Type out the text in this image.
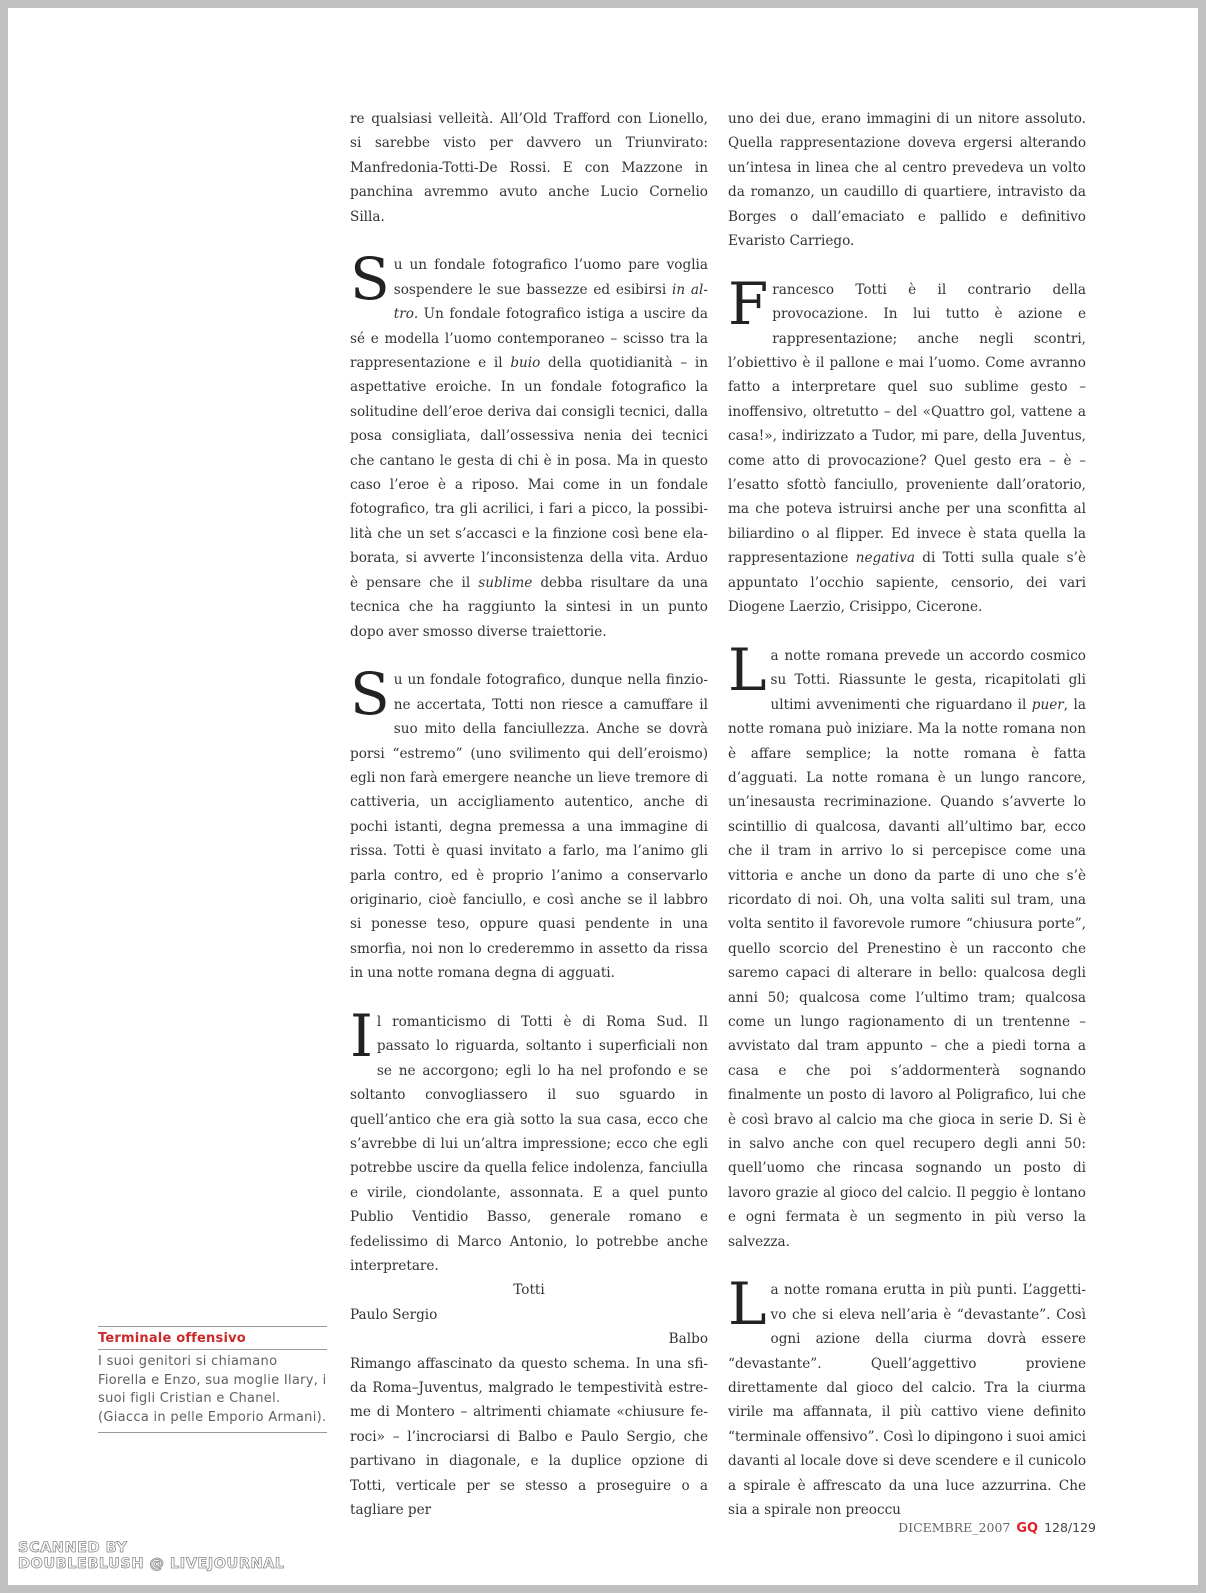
re qualsiasi velleità. All’Old Trafford con Lionello, si sarebbe visto per davvero un Triunvirato: Manfredonia-Totti-De Rossi. E con Mazzone in panchina avremmo avuto anche Lucio Cornelio Silla.

Su un fondale fotografico l’uomo pare voglia sospendere le sue bassezze ed esibirsi in altro. Un fondale fotografico istiga a uscire da sé e modella l’uomo contemporaneo – scisso tra la rappresentazione e il buio della quotidianità – in aspettative eroiche. In un fondale fotografico la solitudine dell’eroe deriva dai consigli tecnici, dalla posa consigliata, dall’ossessiva nenia dei tecnici che cantano le gesta di chi è in posa. Ma in questo caso l’eroe è a riposo. Mai come in un fondale fotografico, tra gli acrilici, i fari a picco, la possibilità che un set s’accasci e la finzione così bene elaborata, si avverte l’inconsistenza della vita. Arduo è pensare che il sublime debba risultare da una tecnica che ha raggiunto la sintesi in un punto dopo aver smosso diverse traiettorie.

Su un fondale fotografico, dunque nella finzione accertata, Totti non riesce a camuffare il suo mito della fanciullezza. Anche se dovrà porsi “estremo” (uno svilimento qui dell’eroismo) egli non farà emergere neanche un lieve tremore di cattiveria, un accigliamento autentico, anche di pochi istanti, degna premessa a una immagine di rissa. Totti è quasi invitato a farlo, ma l’animo gli parla contro, ed è proprio l’animo a conservarlo originario, cioè fanciullo, e così anche se il labbro si ponesse teso, oppure quasi pendente in una smorfia, noi non lo crederemmo in assetto da rissa in una notte romana degna di agguati.

Il romanticismo di Totti è di Roma Sud. Il passato lo riguarda, soltanto i superficiali non se ne accorgono; egli lo ha nel profondo e se soltanto convogliassero il suo sguardo in quell’antico che era già sotto la sua casa, ecco che s’avrebbe di lui un’altra impressione; ecco che egli potrebbe uscire da quella felice indolenza, fanciulla e virile, ciondolante, assonnata. E a quel punto Publio Ventidio Basso, generale romano e fedelissimo di Marco Antonio, lo potrebbe anche interpretare.

Totti
Paulo Sergio
Balbo

Rimango affascinato da questo schema. In una sfida Roma–Juventus, malgrado le tempestività estreme di Montero – altrimenti chiamate «chiusure feroci» – l’incrociarsi di Balbo e Paulo Sergio, che partivano in diagonale, e la duplice opzione di Totti, verticale per se stesso a proseguire o a tagliare per

uno dei due, erano immagini di un nitore assoluto. Quella rappresentazione doveva ergersi alterando un’intesa in linea che al centro prevedeva un volto da romanzo, un caudillo di quartiere, intravisto da Borges o dall’emaciato e pallido e definitivo Evaristo Carriego.

Francesco Totti è il contrario della provocazione. In lui tutto è azione e rappresentazione; anche negli scontri, l’obiettivo è il pallone e mai l’uomo. Come avranno fatto a interpretare quel suo sublime gesto – inoffensivo, oltretutto – del «Quattro gol, vattene a casa!», indirizzato a Tudor, mi pare, della Juventus, come atto di provocazione? Quel gesto era – è – l’esatto sfottò fanciullo, proveniente dall’oratorio, ma che poteva istruirsi anche per una sconfitta al biliardino o al flipper. Ed invece è stata quella la rappresentazione negativa di Totti sulla quale s’è appuntato l’occhio sapiente, censorio, dei vari Diogene Laerzio, Crisippo, Cicerone.

La notte romana prevede un accordo cosmico su Totti. Riassunte le gesta, ricapitolati gli ultimi avvenimenti che riguardano il puer, la notte romana può iniziare. Ma la notte romana non è affare semplice; la notte romana è fatta d’agguati. La notte romana è un lungo rancore, un’inesausta recriminazione. Quando s’avverte lo scintillio di qualcosa, davanti all’ultimo bar, ecco che il tram in arrivo lo si percepisce come una vittoria e anche un dono da parte di uno che s’è ricordato di noi. Oh, una volta saliti sul tram, una volta sentito il favorevole rumore “chiusura porte”, quello scorcio del Prenestino è un racconto che saremo capaci di alterare in bello: qualcosa degli anni 50; qualcosa come l’ultimo tram; qualcosa come un lungo ragionamento di un trentenne – avvistato dal tram appunto – che a piedi torna a casa e che poi s’addormenterà sognando finalmente un posto di lavoro al Poligrafico, lui che è così bravo al calcio ma che gioca in serie D. Si è in salvo anche con quel recupero degli anni 50: quell’uomo che rincasa sognando un posto di lavoro grazie al gioco del calcio. Il peggio è lontano e ogni fermata è un segmento in più verso la salvezza.

La notte romana erutta in più punti. L’aggettivo che si eleva nell’aria è “devastante”. Così ogni azione della ciurma dovrà essere “devastante”. Quell’aggettivo proviene direttamente dal gioco del calcio. Tra la ciurma virile ma affannata, il più cattivo viene definito “terminale offensivo”. Così lo dipingono i suoi amici davanti al locale dove si deve scendere e il cunicolo a spirale è affrescato da una luce azzurrina. Che sia a spirale non preoccu

Terminale offensivo
I suoi genitori si chiamano Fiorella e Enzo, sua moglie Ilary, i suoi figli Cristian e Chanel. (Giacca in pelle Emporio Armani).
DICEMBRE_2007 GQ 128/129
SCANNED BY
DOUBLEBLUSH @ LIVEJOURNAL
